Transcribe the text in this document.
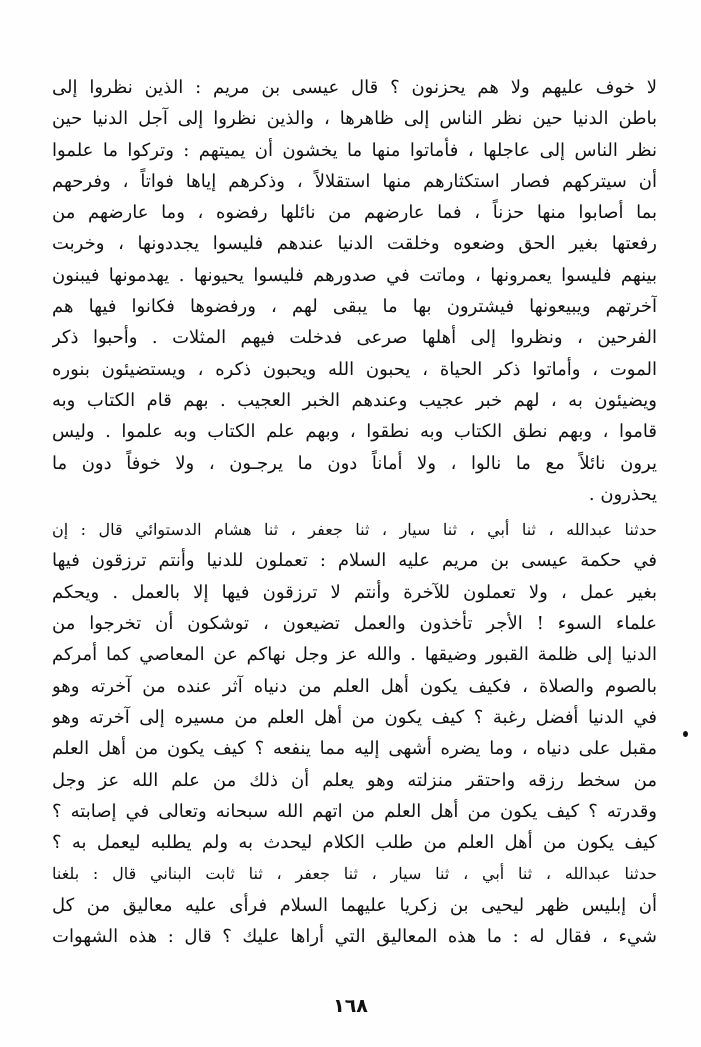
لا خوف عليهم ولا هم يحزنون ؟ قال عيسى بن مريم : الذين نظروا إلى
باطن الدنيا حين نظر الناس إلى ظاهرها ، والذين نظروا إلى آجل الدنيا حين
نظر الناس إلى عاجلها ، فأماتوا منها ما يخشون أن يميتهم : وتركوا ما علموا
أن سيتركهم فصار استكثارهم منها استقلالاً ، وذكرهم إياها فواتاً ، وفرحهم
بما أصابوا منها حزناً ، فما عارضهم من نائلها رفضوه ، وما عارضهم من
رفعتها بغير الحق وضعوه وخلقت الدنيا عندهم فليسوا يجددونها ، وخربت
بينهم فليسوا يعمرونها ، وماتت في صدورهم فليسوا يحيونها . يهدمونها فيبنون
آخرتهم ويبيعونها فيشترون بها ما يبقى لهم ، ورفضوها فكانوا فيها هم
الفرحين ، ونظروا إلى أهلها صرعى فدخلت فيهم المثلات . وأحبوا ذكر
الموت ، وأماتوا ذكر الحياة ، يحبون الله ويحبون ذكره ، ويستضيئون بنوره
ويضيئون به ، لهم خبر عجيب وعندهم الخبر العجيب . بهم قام الكتاب وبه
قاموا ، وبهم نطق الكتاب وبه نطقوا ، وبهم علم الكتاب وبه علموا . وليس
يرون نائلاً مع ما نالوا ، ولا أماناً دون ما يرجـون ، ولا خوفاً دون ما
يحذرون .
حدثنا عبدالله ، ثنا أبي ، ثنا سيار ، ثنا جعفر ، ثنا هشام الدستوائي قال : إن
في حكمة عيسى بن مريم عليه السلام : تعملون للدنيا وأنتم ترزقون فيها
بغير عمل ، ولا تعملون للآخرة وأنتم لا ترزقون فيها إلا بالعمل . ويحكم
علماء السوء ! الأجر تأخذون والعمل تضيعون ، توشكون أن تخرجوا من
الدنيا إلى ظلمة القبور وضيقها . والله عز وجل نهاكم عن المعاصي كما أمركم
بالصوم والصلاة ، فكيف يكون أهل العلم من دنياه آثر عنده من آخرته وهو
في الدنيا أفضل رغبة ؟ كيف يكون من أهل العلم من مسيره إلى آخرته وهو
مقبل على دنياه ، وما يضره أشهى إليه مما ينفعه ؟ كيف يكون من أهل العلم
من سخط رزقه واحتقر منزلته وهو يعلم أن ذلك من علم الله عز وجل
وقدرته ؟ كيف يكون من أهل العلم من اتهم الله سبحانه وتعالى في إصابته ؟
كيف يكون من أهل العلم من طلب الكلام ليحدث به ولم يطلبه ليعمل به ؟
حدثنا عبدالله ، ثنا أبي ، ثنا سيار ، ثنا جعفر ، ثنا ثابت البناني قال : بلغنا
أن إبليس ظهر ليحيى بن زكريا عليهما السلام فرأى عليه معاليق من كل
شيء ، فقال له : ما هذه المعاليق التي أراها عليك ؟ قال : هذه الشهوات
١٦٨
